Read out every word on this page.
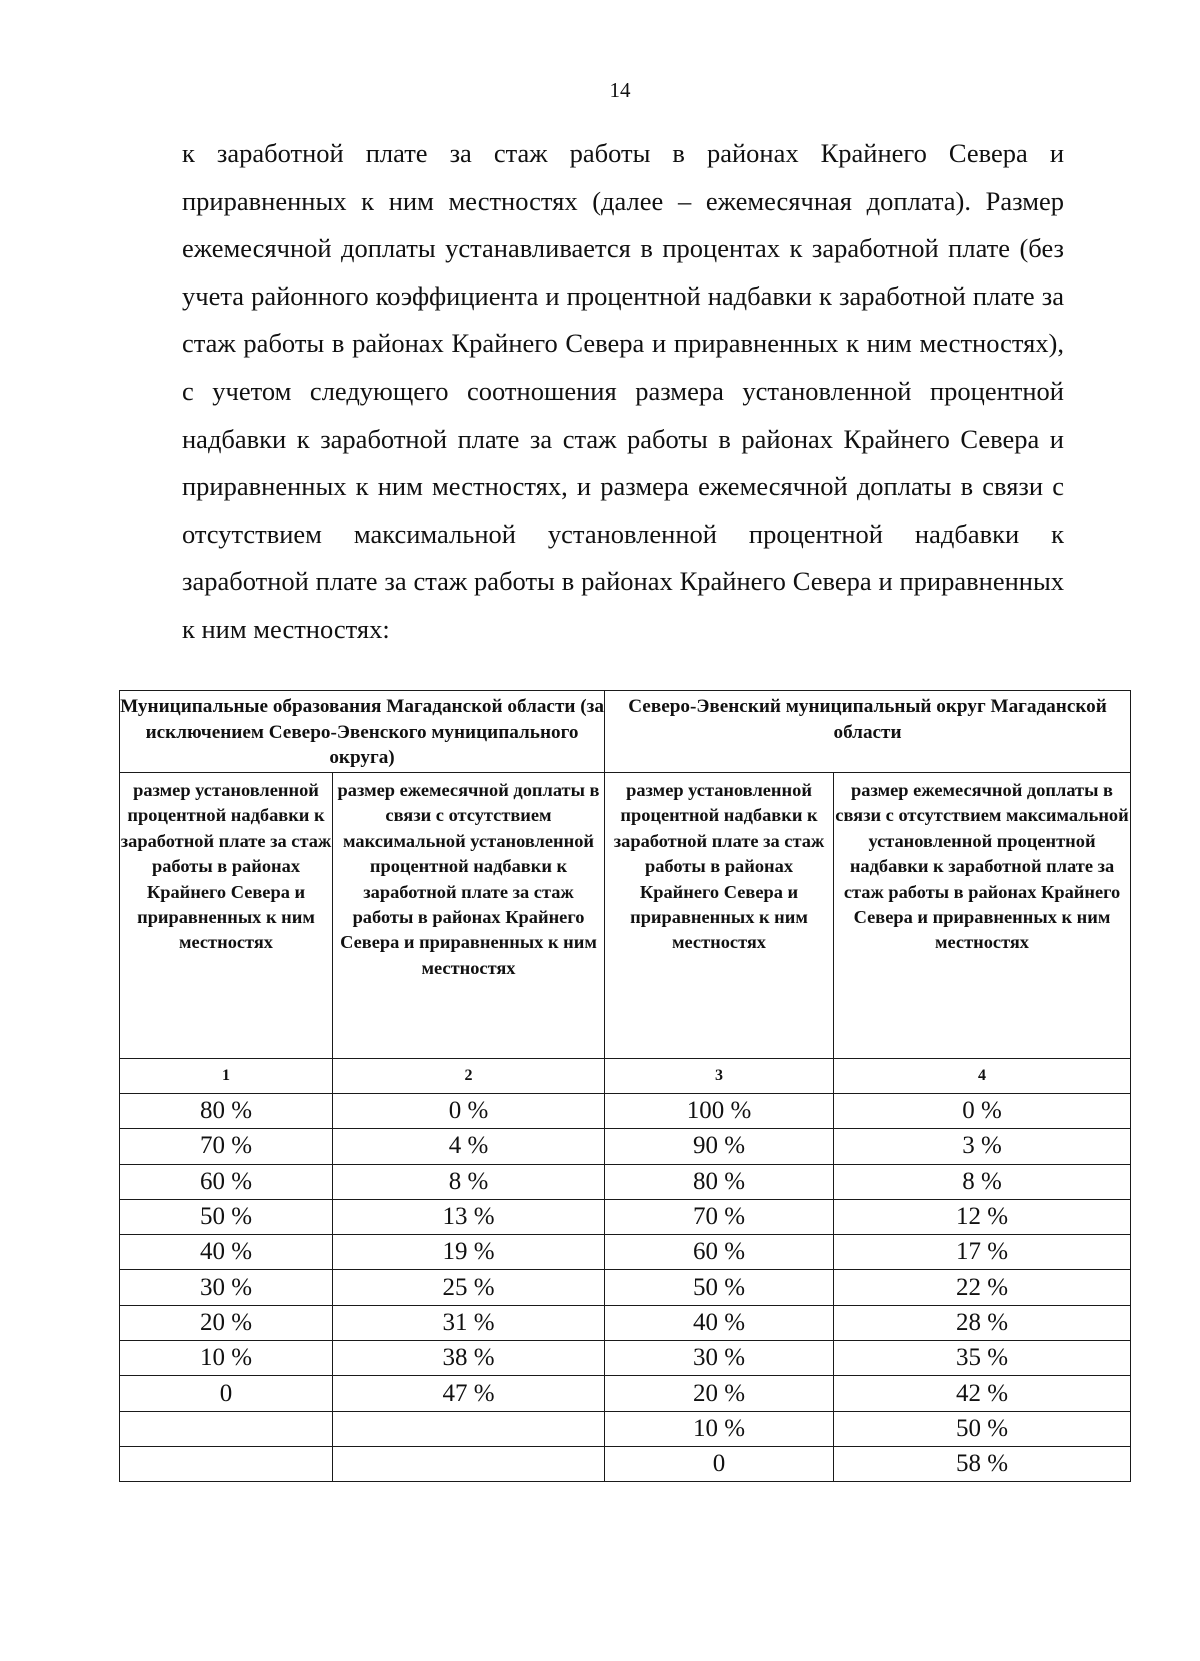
14

к заработной плате за стаж работы в районах Крайнего Севера и приравненных к ним местностях (далее – ежемесячная доплата). Размер ежемесячной доплаты устанавливается в процентах к заработной плате (без учета районного коэффициента и процентной надбавки к заработной плате за стаж работы в районах Крайнего Севера и приравненных к ним местностях), с учетом следующего соотношения размера установленной процентной надбавки к заработной плате за стаж работы в районах Крайнего Севера и приравненных к ним местностях, и размера ежемесячной доплаты в связи с отсутствием максимальной установленной процентной надбавки к заработной плате за стаж работы в районах Крайнего Севера и приравненных к ним местностях:

Муниципальные образования Магаданской области (за исключением Северо-Эвенского муниципального округа)		Северо-Эвенский муниципальный округ Магаданской области	
размер установленной процентной надбавки к заработной плате за стаж работы в районах Крайнего Севера и приравненных к ним местностях	размер ежемесячной доплаты в связи с отсутствием максимальной установленной процентной надбавки к заработной плате за стаж работы в районах Крайнего Севера и приравненных к ним местностях	размер установленной процентной надбавки к заработной плате за стаж работы в районах Крайнего Севера и приравненных к ним местностях	размер ежемесячной доплаты в связи с отсутствием максимальной установленной процентной надбавки к заработной плате за стаж работы в районах Крайнего Севера и приравненных к ним местностях
1	2	3	4
80 %	0 %	100 %	0 %
70 %	4 %	90 %	3 %
60 %	8 %	80 %	8 %
50 %	13 %	70 %	12 %
40 %	19 %	60 %	17 %
30 %	25 %	50 %	22 %
20 %	31 %	40 %	28 %
10 %	38 %	30 %	35 %
0	47 %	20 %	42 %
		10 %	50 %
		0	58 %
